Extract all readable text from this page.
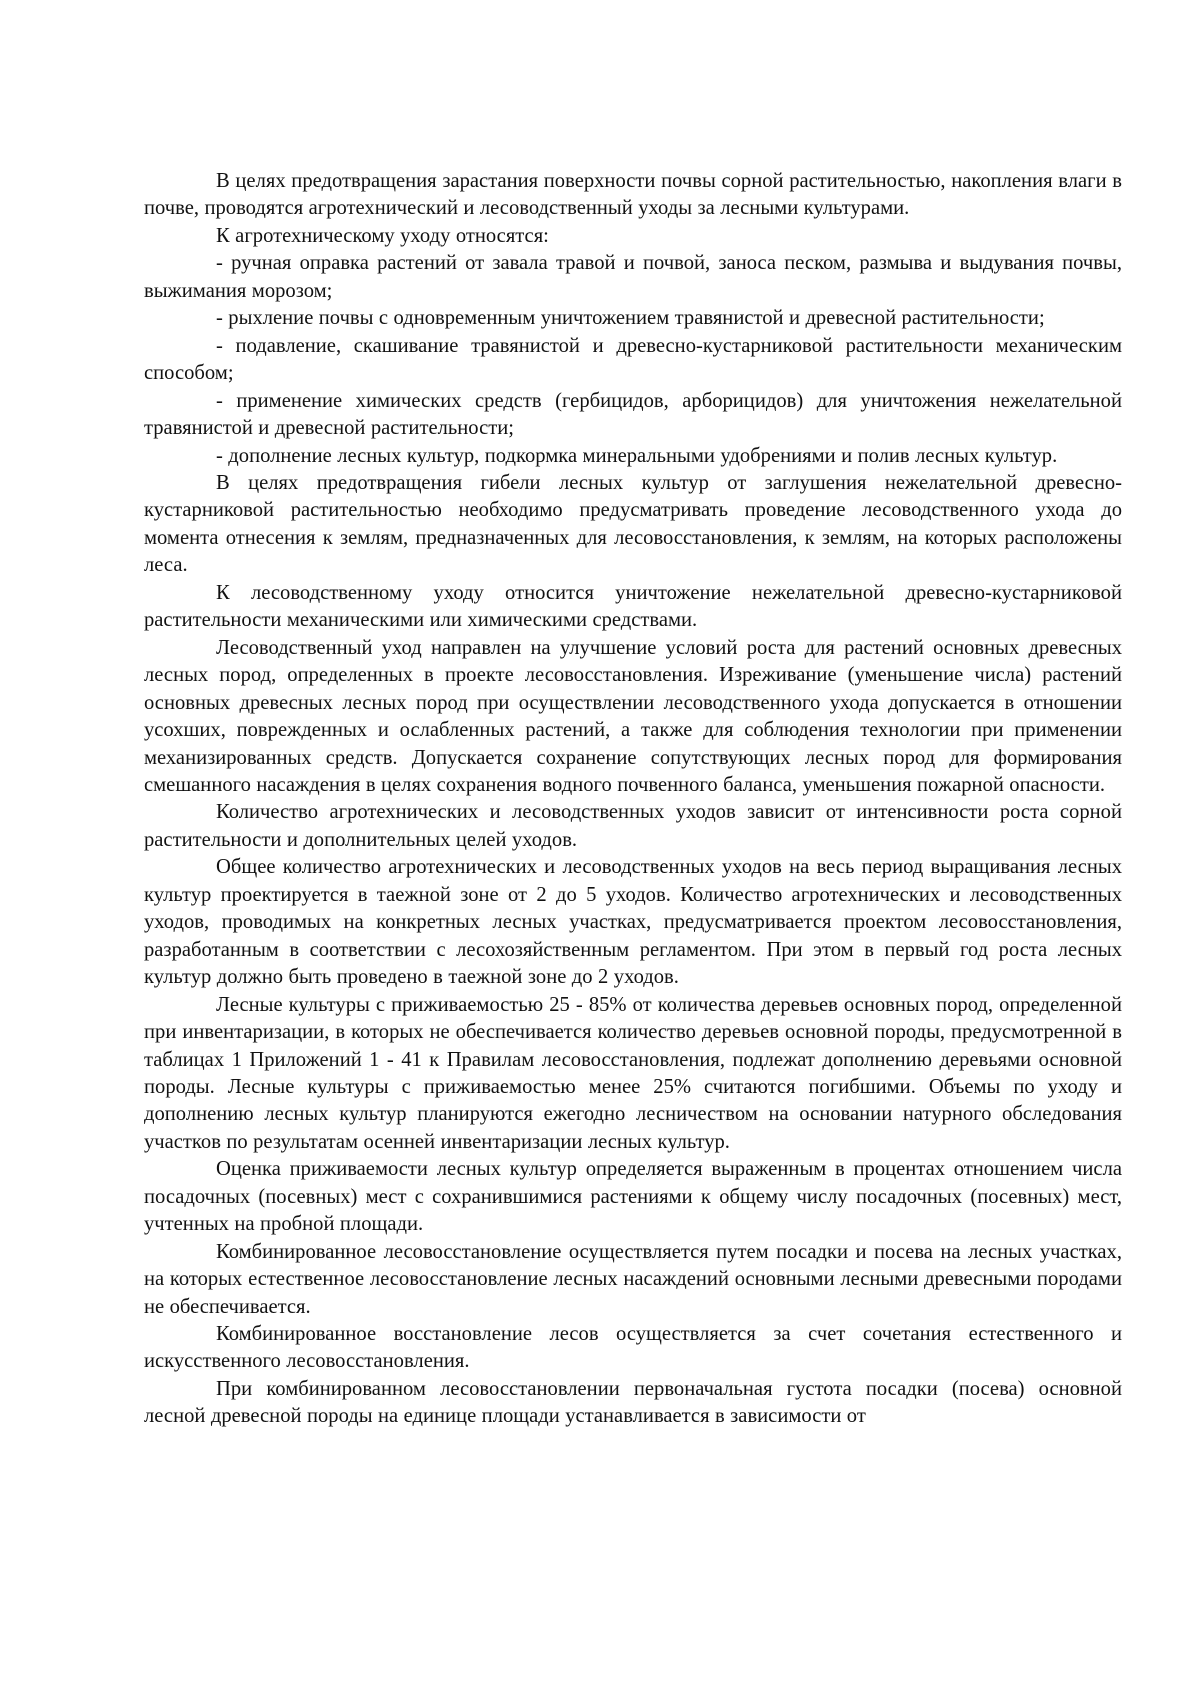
В целях предотвращения зарастания поверхности почвы сорной растительностью, накопления влаги в почве, проводятся агротехнический и лесоводственный уходы за лесными культурами.

К агротехническому уходу относятся:

- ручная оправка растений от завала травой и почвой, заноса песком, размыва и выдувания почвы, выжимания морозом;

- рыхление почвы с одновременным уничтожением травянистой и древесной растительности;

- подавление, скашивание травянистой и древесно-кустарниковой растительности механическим способом;

- применение химических средств (гербицидов, арборицидов) для уничтожения нежелательной травянистой и древесной растительности;

- дополнение лесных культур, подкормка минеральными удобрениями и полив лесных культур.

В целях предотвращения гибели лесных культур от заглушения нежелательной древесно-кустарниковой растительностью необходимо предусматривать проведение лесоводственного ухода до момента отнесения к землям, предназначенных для лесовосстановления, к землям, на которых расположены леса.

К лесоводственному уходу относится уничтожение нежелательной древесно-кустарниковой растительности механическими или химическими средствами.

Лесоводственный уход направлен на улучшение условий роста для растений основных древесных лесных пород, определенных в проекте лесовосстановления. Изреживание (уменьшение числа) растений основных древесных лесных пород при осуществлении лесоводственного ухода допускается в отношении усохших, поврежденных и ослабленных растений, а также для соблюдения технологии при применении механизированных средств. Допускается сохранение сопутствующих лесных пород для формирования смешанного насаждения в целях сохранения водного почвенного баланса, уменьшения пожарной опасности.

Количество агротехнических и лесоводственных уходов зависит от интенсивности роста сорной растительности и дополнительных целей уходов.

Общее количество агротехнических и лесоводственных уходов на весь период выращивания лесных культур проектируется в таежной зоне от 2 до 5 уходов. Количество агротехнических и лесоводственных уходов, проводимых на конкретных лесных участках, предусматривается проектом лесовосстановления, разработанным в соответствии с лесохозяйственным регламентом. При этом в первый год роста лесных культур должно быть проведено в таежной зоне до 2 уходов.

Лесные культуры с приживаемостью 25 - 85% от количества деревьев основных пород, определенной при инвентаризации, в которых не обеспечивается количество деревьев основной породы, предусмотренной в таблицах 1 Приложений 1 - 41 к Правилам лесовосстановления, подлежат дополнению деревьями основной породы. Лесные культуры с приживаемостью менее 25% считаются погибшими. Объемы по уходу и дополнению лесных культур планируются ежегодно лесничеством на основании натурного обследования участков по результатам осенней инвентаризации лесных культур.

Оценка приживаемости лесных культур определяется выраженным в процентах отношением числа посадочных (посевных) мест с сохранившимися растениями к общему числу посадочных (посевных) мест, учтенных на пробной площади.

Комбинированное лесовосстановление осуществляется путем посадки и посева на лесных участках, на которых естественное лесовосстановление лесных насаждений основными лесными древесными породами не обеспечивается.

Комбинированное восстановление лесов осуществляется за счет сочетания естественного и искусственного лесовосстановления.

При комбинированном лесовосстановлении первоначальная густота посадки (посева) основной лесной древесной породы на единице площади устанавливается в зависимости от
